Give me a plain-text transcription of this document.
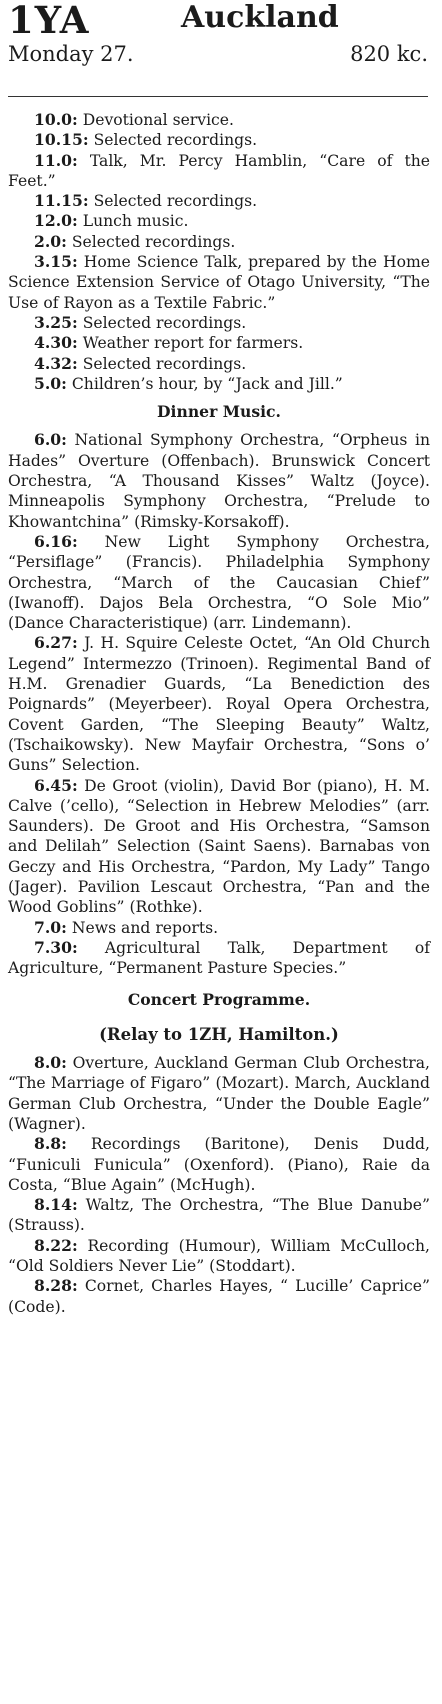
1YA	Auckland
Monday 27.	820 kc.

10.0: Devotional service.

10.15: Selected recordings.

11.0: Talk, Mr. Percy Hamblin, “Care of the Feet.”

11.15: Selected recordings.

12.0: Lunch music.

2.0: Selected recordings.

3.15: Home Science Talk, prepared by the Home Science Extension Service of Otago University, “The Use of Rayon as a Textile Fabric.”

3.25: Selected recordings.

4.30: Weather report for farmers.

4.32: Selected recordings.

5.0: Children’s hour, by “Jack and Jill.”

Dinner Music.

6.0: National Symphony Orchestra, “Orpheus in Hades” Overture (Offenbach). Brunswick Concert Orchestra, “A Thousand Kisses” Waltz (Joyce). Minneapolis Symphony Orchestra, “Prelude to Khowantchina” (Rimsky-Korsakoff).

6.16: New Light Symphony Orchestra, “Persiflage” (Francis). Philadelphia Symphony Orchestra, “March of the Caucasian Chief” (Iwanoff). Dajos Bela Orchestra, “O Sole Mio” (Dance Characteristique) (arr. Lindemann).

6.27: J. H. Squire Celeste Octet, “An Old Church Legend” Intermezzo (Trinoen). Regimental Band of H.M. Grenadier Guards, “La Benediction des Poignards” (Meyerbeer). Royal Opera Orchestra, Covent Garden, “The Sleeping Beauty” Waltz, (Tschaikowsky). New Mayfair Orchestra, “Sons o’ Guns” Selection.

6.45: De Groot (violin), David Bor (piano), H. M. Calve (’cello), “Selection in Hebrew Melodies” (arr. Saunders). De Groot and His Orchestra, “Samson and Delilah” Selection (Saint Saens). Barnabas von Geczy and His Orchestra, “Pardon, My Lady” Tango (Jager). Pavilion Lescaut Orchestra, “Pan and the Wood Goblins” (Rothke).

7.0: News and reports.

7.30: Agricultural Talk, Department of Agriculture, “Permanent Pasture Species.”

Concert Programme.
(Relay to 1ZH, Hamilton.)

8.0: Overture, Auckland German Club Orchestra, “The Marriage of Figaro” (Mozart). March, Auckland German Club Orchestra, “Under the Double Eagle” (Wagner).

8.8: Recordings (Baritone), Denis Dudd, “Funiculi Funicula” (Oxenford). (Piano), Raie da Costa, “Blue Again” (McHugh).

8.14: Waltz, The Orchestra, “The Blue Danube” (Strauss).

8.22: Recording (Humour), William McCulloch, “Old Soldiers Never Lie” (Stoddart).

8.28: Cornet, Charles Hayes, “ Lucille’ Caprice” (Code).
